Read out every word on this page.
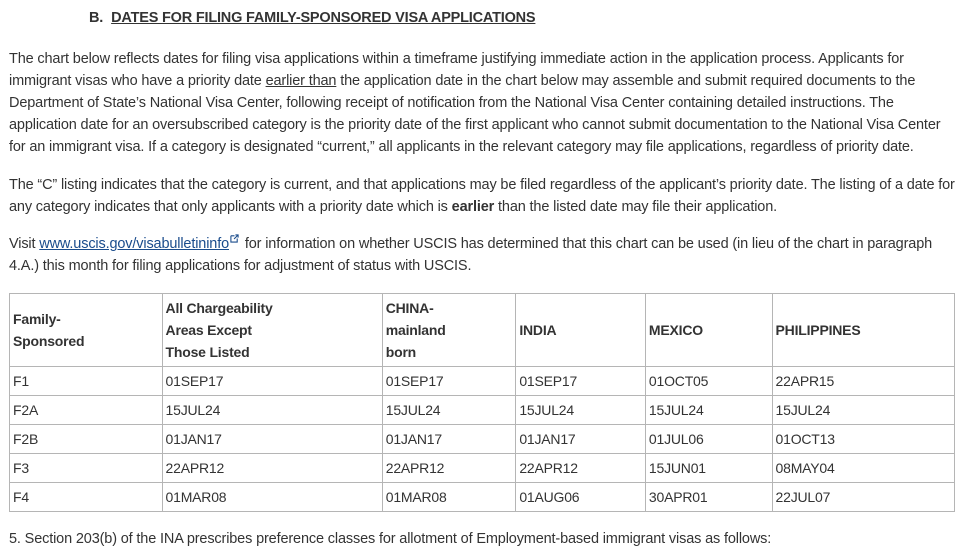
B. DATES FOR FILING FAMILY-SPONSORED VISA APPLICATIONS

The chart below reflects dates for filing visa applications within a timeframe justifying immediate action in the application process. Applicants for immigrant visas who have a priority date earlier than the application date in the chart below may assemble and submit required documents to the Department of State’s National Visa Center, following receipt of notification from the National Visa Center containing detailed instructions. The application date for an oversubscribed category is the priority date of the first applicant who cannot submit documentation to the National Visa Center for an immigrant visa. If a category is designated “current,” all applicants in the relevant category may file applications, regardless of priority date.

The “C” listing indicates that the category is current, and that applications may be filed regardless of the applicant’s priority date. The listing of a date for any category indicates that only applicants with a priority date which is earlier than the listed date may file their application.

Visit www.uscis.gov/visabulletininfo for information on whether USCIS has determined that this chart can be used (in lieu of the chart in paragraph 4.A.) this month for filing applications for adjustment of status with USCIS.

Family-
Sponsored	All Chargeability
Areas Except
Those Listed	CHINA-
mainland
born	INDIA	MEXICO	PHILIPPINES
F1	01SEP17	01SEP17	01SEP17	01OCT05	22APR15
F2A	15JUL24	15JUL24	15JUL24	15JUL24	15JUL24
F2B	01JAN17	01JAN17	01JAN17	01JUL06	01OCT13
F3	22APR12	22APR12	22APR12	15JUN01	08MAY04
F4	01MAR08	01MAR08	01AUG06	30APR01	22JUL07

5. Section 203(b) of the INA prescribes preference classes for allotment of Employment-based immigrant visas as follows:
